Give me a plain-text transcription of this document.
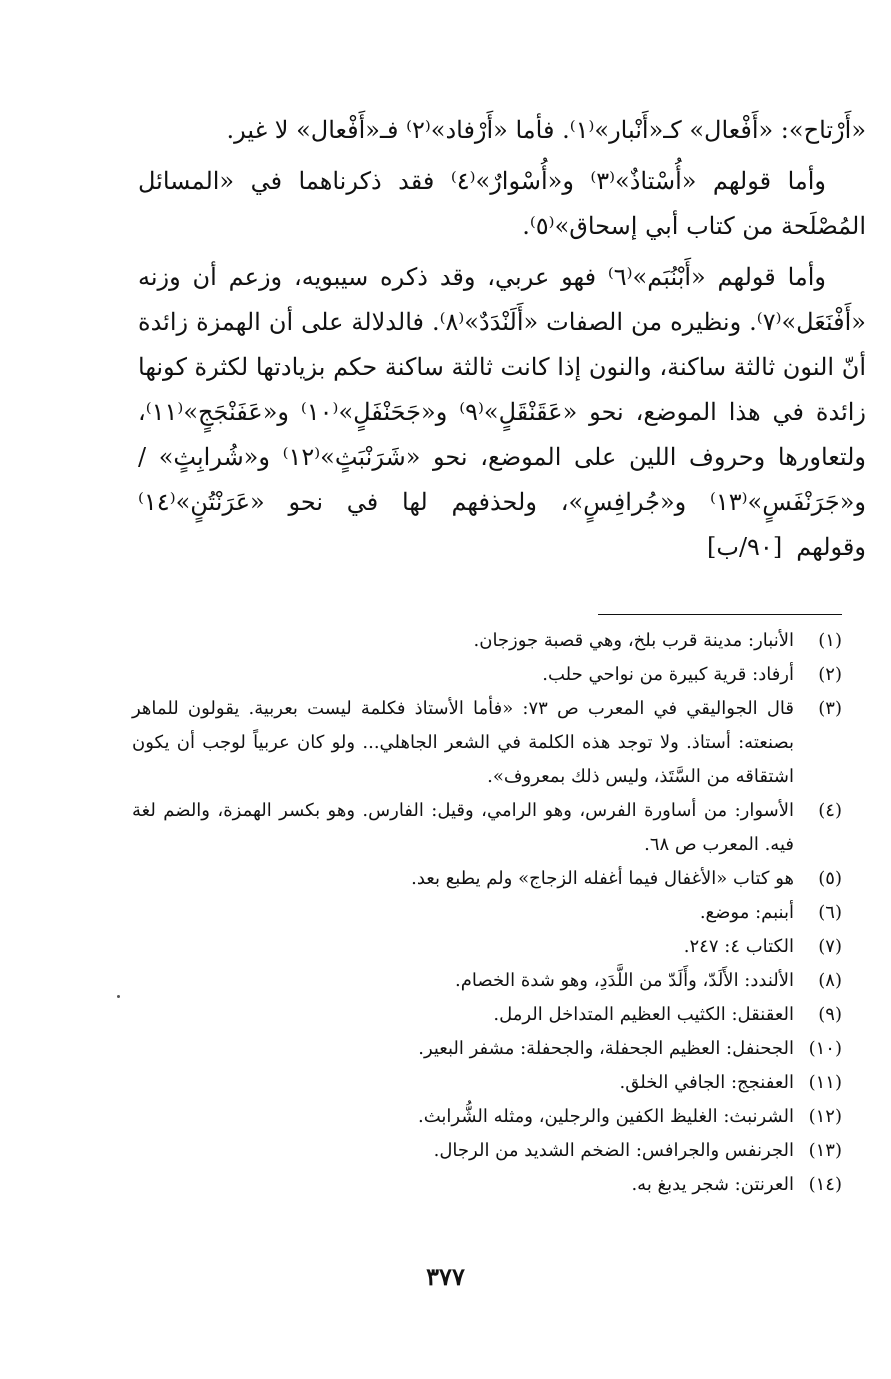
«أَرْتاح»: «أَفْعال» كـ«أَنْبار»⁽١⁾. فأما «أَرْفاد»⁽٢⁾ فـ«أَفْعال» لا غير.

وأما قولهم «أُسْتاذٌ»⁽٣⁾ و«أُسْوارٌ»⁽٤⁾ فقد ذكرناهما في «المسائل المُصْلَحة من كتاب أبي إسحاق»⁽٥⁾.

وأما قولهم «أَبْنُبَم»⁽٦⁾ فهو عربي، وقد ذكره سيبويه، وزعم أن وزنه «أَفْنَعَل»⁽٧⁾. ونظيره من الصفات «أَلَنْدَدٌ»⁽٨⁾. فالدلالة على أن الهمزة زائدة أنّ النون ثالثة ساكنة، والنون إذا كانت ثالثة ساكنة حكم بزيادتها لكثرة كونها زائدة في هذا الموضع، نحو «عَقَنْقَلٍ»⁽٩⁾ و«جَحَنْفَلٍ»⁽١٠⁾ و«عَفَنْجَجٍ»⁽١١⁾، ولتعاورها وحروف اللين على الموضع، نحو «شَرَنْبَثٍ»⁽١٢⁾ و«شُرابِثٍ» / و«جَرَنْفَسٍ»⁽١٣⁾ و«جُرافِسٍ»، ولحذفهم لها في نحو «عَرَنْتُنٍ»⁽١٤⁾ وقولهم[٩٠/ب]

(١)
الأنبار: مدينة قرب بلخ، وهي قصبة جوزجان.
(٢)
أرفاد: قرية كبيرة من نواحي حلب.
(٣)
قال الجواليقي في المعرب ص ٧٣: «فأما الأستاذ فكلمة ليست بعربية. يقولون للماهر بصنعته: أستاذ. ولا توجد هذه الكلمة في الشعر الجاهلي... ولو كان عربياً لوجب أن يكون اشتقاقه من السَّتَذ، وليس ذلك بمعروف».
(٤)
الأسوار: من أساورة الفرس، وهو الرامي، وقيل: الفارس. وهو بكسر الهمزة، والضم لغة فيه. المعرب ص ٦٨.
(٥)
هو كتاب «الأغفال فيما أغفله الزجاج» ولم يطبع بعد.
(٦)
أبنبم: موضع.
(٧)
الكتاب ٤: ٢٤٧.
(٨)
الألندد: الأَلَدّ، وأَلَدّ من اللَّدَدِ، وهو شدة الخصام.
(٩)
العقنقل: الكثيب العظيم المتداخل الرمل.
(١٠)
الجحنفل: العظيم الجحفلة، والجحفلة: مشفر البعير.
(١١)
العفنجج: الجافي الخلق.
(١٢)
الشرنبث: الغليظ الكفين والرجلين، ومثله الشُّرابث.
(١٣)
الجرنفس والجرافس: الضخم الشديد من الرجال.
(١٤)
العرنتن: شجر يدبغ به.
٣٧٧
